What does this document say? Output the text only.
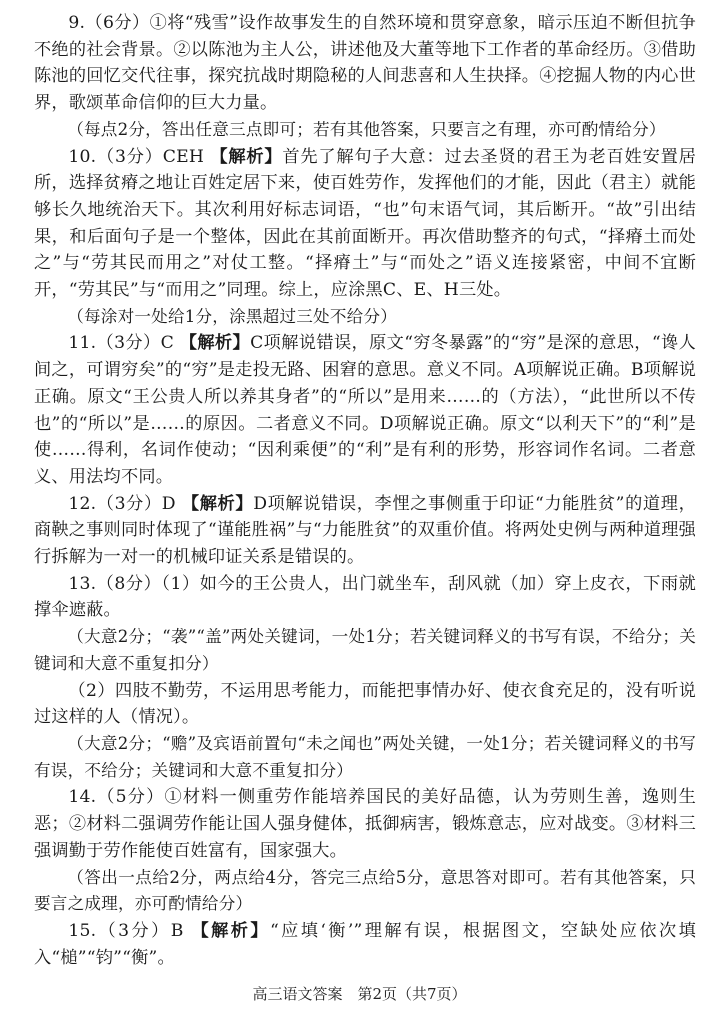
9.（6分）①将“残雪”设作故事发生的自然环境和贯穿意象，暗示压迫不断但抗争不绝的社会背景。②以陈池为主人公，讲述他及大董等地下工作者的革命经历。③借助陈池的回忆交代往事，探究抗战时期隐秘的人间悲喜和人生抉择。④挖掘人物的内心世界，歌颂革命信仰的巨大力量。

（每点2分，答出任意三点即可；若有其他答案，只要言之有理，亦可酌情给分）

10.（3分）CEH 【解析】首先了解句子大意：过去圣贤的君王为老百姓安置居所，选择贫瘠之地让百姓定居下来，使百姓劳作，发挥他们的才能，因此（君主）就能够长久地统治天下。其次利用好标志词语，“也”句末语气词，其后断开。“故”引出结果，和后面句子是一个整体，因此在其前面断开。再次借助整齐的句式，“择瘠土而处之”与“劳其民而用之”对仗工整。“择瘠土”与“而处之”语义连接紧密，中间不宜断开，“劳其民”与“而用之”同理。综上，应涂黑C、E、H三处。

（每涂对一处给1分，涂黑超过三处不给分）

11.（3分）C 【解析】C项解说错误，原文“穷冬暴露”的“穷”是深的意思，“谗人间之，可谓穷矣”的“穷”是走投无路、困窘的意思。意义不同。A项解说正确。B项解说正确。原文“王公贵人所以养其身者”的“所以”是用来……的（方法），“此世所以不传也”的“所以”是……的原因。二者意义不同。D项解说正确。原文“以利天下”的“利”是使……得利，名词作使动；“因利乘便”的“利”是有利的形势，形容词作名词。二者意义、用法均不同。

12.（3分）D 【解析】D项解说错误，李悝之事侧重于印证“力能胜贫”的道理，商鞅之事则同时体现了“谨能胜祸”与“力能胜贫”的双重价值。将两处史例与两种道理强行拆解为一对一的机械印证关系是错误的。

13.（8分）（1）如今的王公贵人，出门就坐车，刮风就（加）穿上皮衣，下雨就撑伞遮蔽。

（大意2分；“袭”“盖”两处关键词，一处1分；若关键词释义的书写有误，不给分；关键词和大意不重复扣分）

（2）四肢不勤劳，不运用思考能力，而能把事情办好、使衣食充足的，没有听说过这样的人（情况）。

（大意2分；“赡”及宾语前置句“未之闻也”两处关键，一处1分；若关键词释义的书写有误，不给分；关键词和大意不重复扣分）

14.（5分）①材料一侧重劳作能培养国民的美好品德，认为劳则生善，逸则生恶；②材料二强调劳作能让国人强身健体，抵御病害，锻炼意志，应对战变。③材料三强调勤于劳作能使百姓富有，国家强大。

（答出一点给2分，两点给4分，答完三点给5分，意思答对即可。若有其他答案，只要言之成理，亦可酌情给分）

15.（3分）B 【解析】“应填‘衡’”理解有误，根据图文，空缺处应依次填入“槌”“钧”“衡”。

高三语文答案　第2页（共7页）
